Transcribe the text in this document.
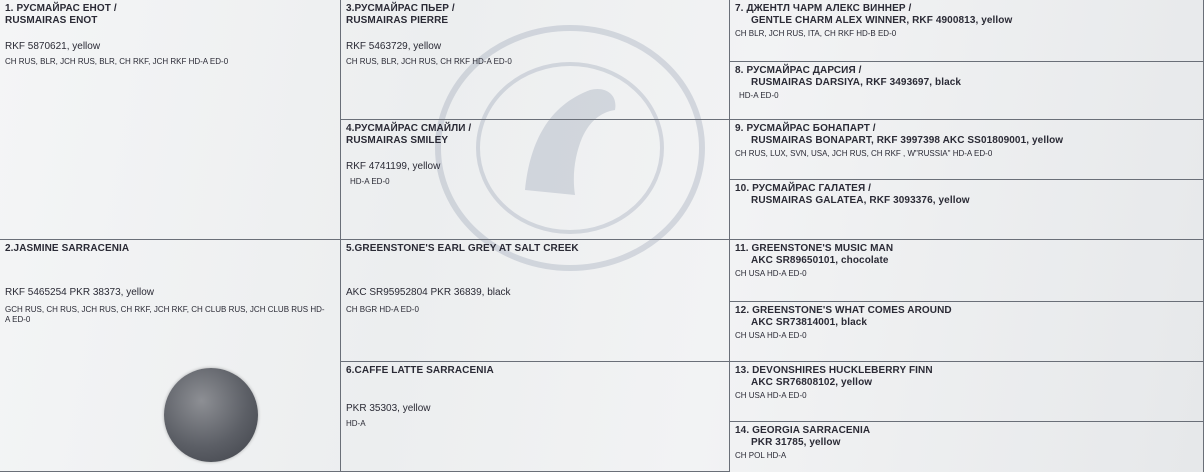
1. РУСМАЙРАС ЕНОТ /
RUSMAIRAS ENOT
RKF 5870621, yellow
CH RUS, BLR, JCH RUS, BLR, CH RKF, JCH RKF HD-A ED-0
2.JASMINE SARRACENIA
RKF 5465254 PKR 38373, yellow
GCH RUS, CH RUS, JCH RUS, CH RKF, JCH RKF, CH CLUB RUS, JCH CLUB RUS HD-A ED-0
3.РУСМАЙРАС ПЬЕР /
RUSMAIRAS PIERRE
RKF 5463729, yellow
CH RUS, BLR, JCH RUS, CH RKF HD-A ED-0
4.РУСМАЙРАС СМАЙЛИ /
RUSMAIRAS SMILEY
RKF 4741199, yellow
HD-A ED-0
5.GREENSTONE'S EARL GREY AT SALT CREEK
AKC SR95952804 PKR 36839, black
CH BGR HD-A ED-0
6.CAFFE LATTE SARRACENIA
PKR 35303, yellow
HD-A
7. ДЖЕНТЛ ЧАРМ АЛЕКС ВИННЕР /
GENTLE CHARM ALEX WINNER, RKF 4900813, yellow
CH BLR, JCH RUS, ITA, CH RKF HD-B ED-0
8. РУСМАЙРАС ДАРСИЯ /
RUSMAIRAS DARSIYA, RKF 3493697, black
HD-A ED-0
9. РУСМАЙРАС БОНАПАРТ /
RUSMAIRAS BONAPART, RKF 3997398 AKC SS01809001, yellow
CH RUS, LUX, SVN, USA, JCH RUS, CH RKF , W"RUSSIA" HD-A ED-0
10. РУСМАЙРАС ГАЛАТЕЯ /
RUSMAIRAS GALATEA, RKF 3093376, yellow
11. GREENSTONE'S MUSIC MAN
AKC SR89650101, chocolate
CH USA HD-A ED-0
12. GREENSTONE'S WHAT COMES AROUND
AKC SR73814001, black
CH USA HD-A ED-0
13. DEVONSHIRES HUCKLEBERRY FINN
AKC SR76808102, yellow
CH USA HD-A ED-0
14. GEORGIA SARRACENIA
PKR 31785, yellow
CH POL HD-A
